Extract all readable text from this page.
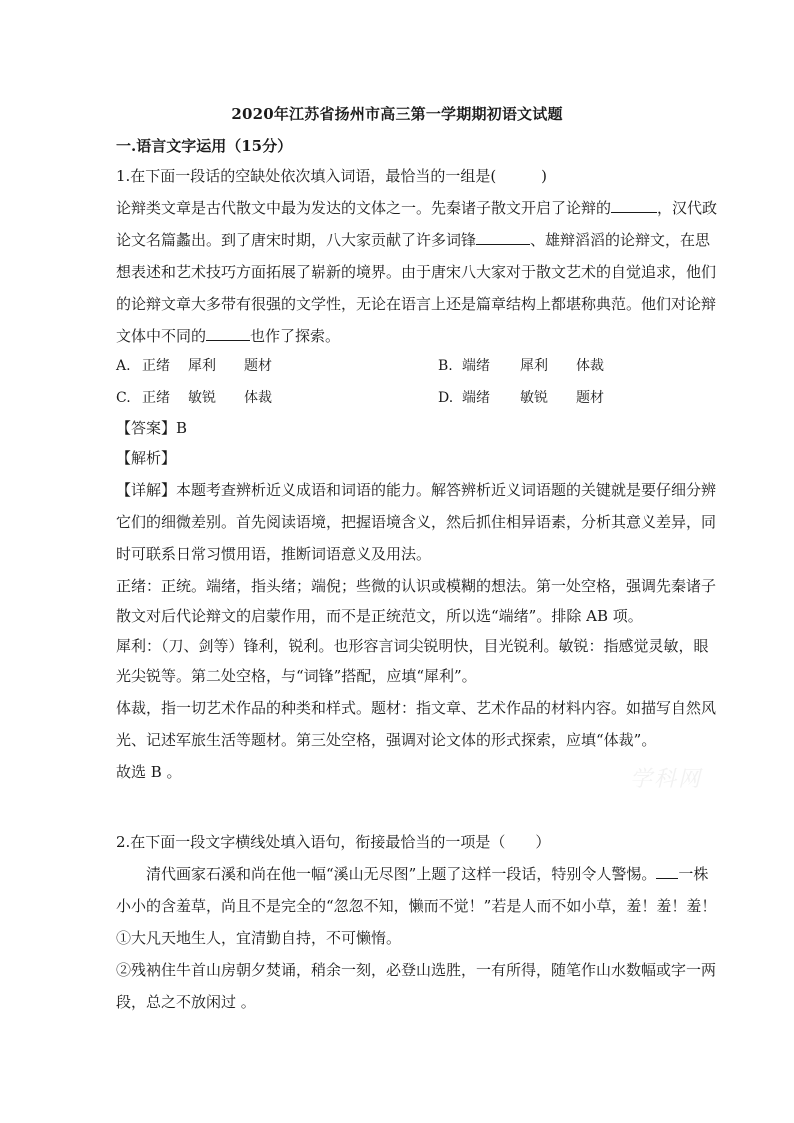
2020年江苏省扬州市高三第一学期期初语文试题
一.语言文字运用（15分）
1.在下面一段话的空缺处依次填入词语，最恰当的一组是(　　　)
论辩类文章是古代散文中最为发达的文体之一。先秦诸子散文开启了论辩的	，汉代政
论文名篇蠡出。到了唐宋时期，八大家贡献了许多词锋	、雄辩滔滔的论辩文，在思
想表述和艺术技巧方面拓展了崭新的境界。由于唐宋八大家对于散文艺术的自觉追求，他们
的论辩文章大多带有很强的文学性，无论在语言上还是篇章结构上都堪称典范。他们对论辩
文体中不同的	也作了探索。
A. 正绪 犀利 题材	B. 端绪 犀利 体裁
C. 正绪 敏锐 体裁	D. 端绪 敏锐 题材
【答案】B
【解析】
【详解】本题考查辨析近义成语和词语的能力。解答辨析近义词语题的关键就是要仔细分辨
它们的细微差别。首先阅读语境，把握语境含义，然后抓住相异语素，分析其意义差异，同
时可联系日常习惯用语，推断词语意义及用法。
正绪：正统。端绪，指头绪；端倪；些微的认识或模糊的想法。第一处空格，强调先秦诸子
散文对后代论辩文的启蒙作用，而不是正统范文，所以选“端绪”。排除 AB 项。
犀利：（刀、剑等）锋利，锐利。也形容言词尖锐明快，目光锐利。敏锐：指感觉灵敏，眼
光尖锐等。第二处空格，与“词锋”搭配，应填“犀利”。
体裁，指一切艺术作品的种类和样式。题材：指文章、艺术作品的材料内容。如描写自然风
光、记述军旅生活等题材。第三处空格，强调对论文体的形式探索，应填“体裁”。
故选 B 。	学科网
2.在下面一段文字横线处填入语句，衔接最恰当的一项是（　　）
　　清代画家石溪和尚在他一幅“溪山无尽图”上题了这样一段话，特别令人警惕。 一株
小小的含羞草，尚且不是完全的“忽忽不知，懒而不觉！”若是人而不如小草，羞！羞！羞！
①大凡天地生人，宜清勤自持，不可懒惰。
②残衲住牛首山房朝夕焚诵，稍余一刻，必登山选胜，一有所得，随笔作山水数幅或字一两
段，总之不放闲过 。
